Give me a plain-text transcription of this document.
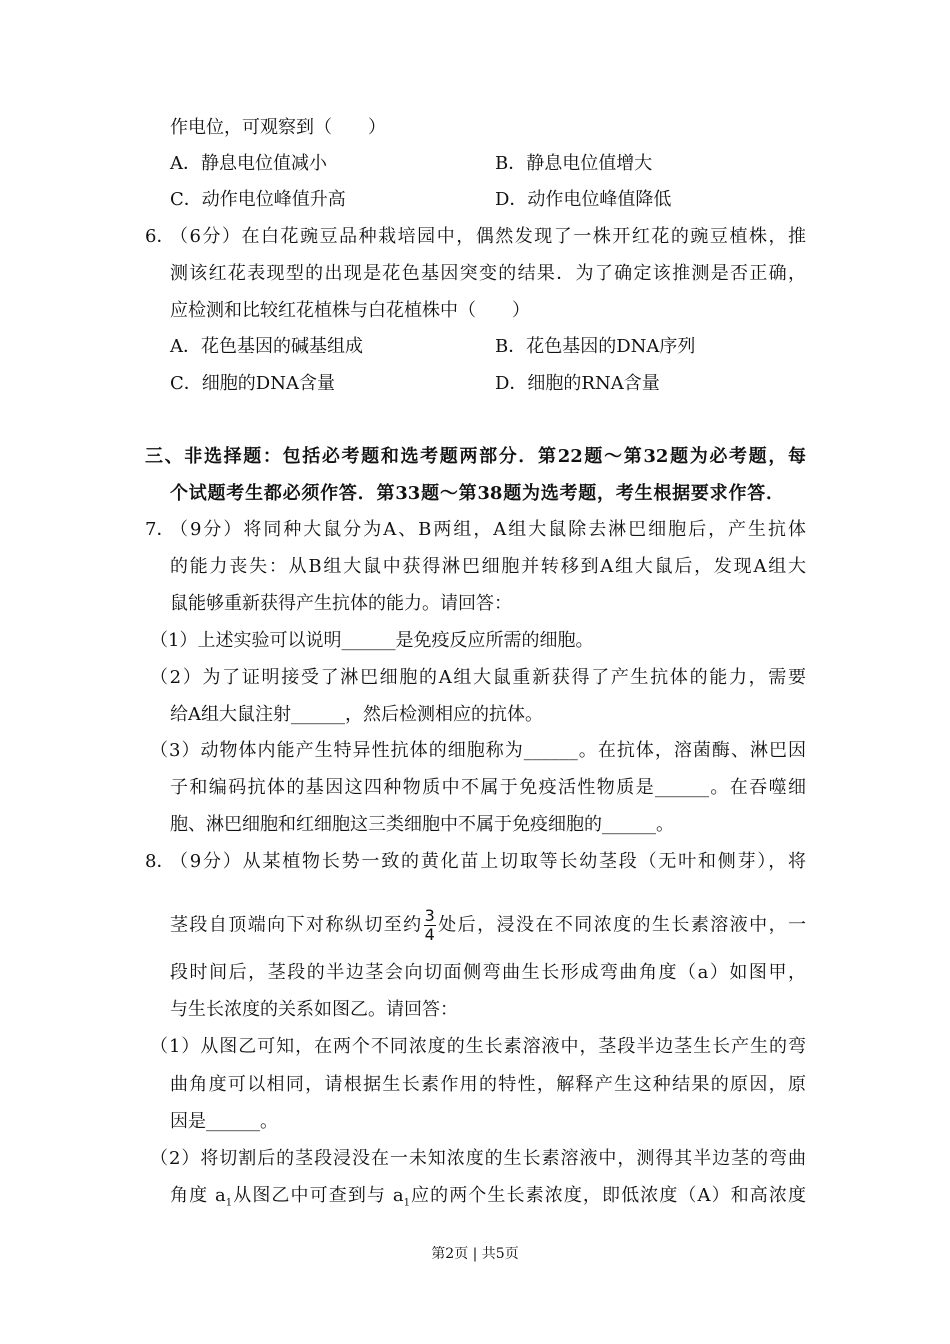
作电位，可观察到（　　）
A．静息电位值减小	B．静息电位值增大
C．动作电位峰值升高	D．动作电位峰值降低
6．
（6分）在白花豌豆品种栽培园中，偶然发现了一株开红花的豌豆植株，推
测该红花表现型的出现是花色基因突变的结果．为了确定该推测是否正确，
应检测和比较红花植株与白花植株中（　　）
A．花色基因的碱基组成	B．花色基因的DNA序列
C．细胞的DNA含量	D．细胞的RNA含量
三、非选择题：包括必考题和选考题两部分．第22题～第32题为必考题，每
个试题考生都必须作答．第33题～第38题为选考题，考生根据要求作答．
7．
（9分）将同种大鼠分为A、B两组，A组大鼠除去淋巴细胞后，产生抗体
的能力丧失：从B组大鼠中获得淋巴细胞并转移到A组大鼠后，发现A组大
鼠能够重新获得产生抗体的能力。请回答：
（1）上述实验可以说明______是免疫反应所需的细胞。
（2）为了证明接受了淋巴细胞的A组大鼠重新获得了产生抗体的能力，需要
给A组大鼠注射______，然后检测相应的抗体。
（3）动物体内能产生特异性抗体的细胞称为______。在抗体，溶菌酶、淋巴因
子和编码抗体的基因这四种物质中不属于免疫活性物质是______。在吞噬细
胞、淋巴细胞和红细胞这三类细胞中不属于免疫细胞的______。
8．
（9分）从某植物长势一致的黄化苗上切取等长幼茎段（无叶和侧芽），将
茎段自顶端向下对称纵切至约 $\frac{3}{4}$ 处后，浸没在不同浓度的生长素溶液中，一
段时间后，茎段的半边茎会向切面侧弯曲生长形成弯曲角度（a）如图甲，
与生长浓度的关系如图乙。请回答：
（1）从图乙可知，在两个不同浓度的生长素溶液中，茎段半边茎生长产生的弯
曲角度可以相同，请根据生长素作用的特性，解释产生这种结果的原因，原
因是______。
（2）将切割后的茎段浸没在一未知浓度的生长素溶液中，测得其半边茎的弯曲
角度 $a_1$从图乙中可查到与 $a_1$应的两个生长素浓度，即低浓度（A）和高浓度
第2页 | 共5页
